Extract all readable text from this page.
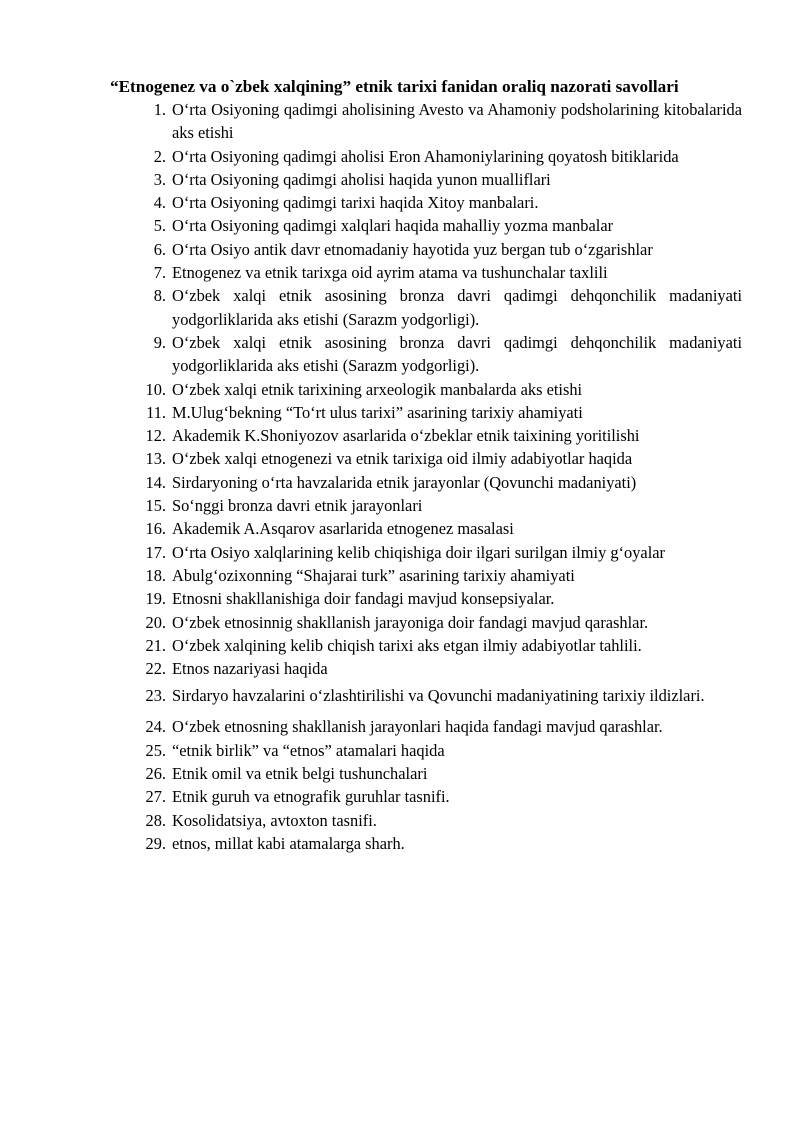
“Etnogenez va o`zbek xalqining” etnik tarixi fanidan oraliq nazorati savollari
1. O‘rta Osiyoning qadimgi aholisining Avesto va Ahamoniy podsholarining kitobalarida aks etishi
2. O‘rta Osiyoning qadimgi aholisi Eron Ahamoniylarining qoyatosh bitiklarida
3. O‘rta Osiyoning qadimgi aholisi haqida yunon mualliflari
4. O‘rta Osiyoning qadimgi tarixi haqida Xitoy manbalari.
5. O‘rta Osiyoning qadimgi xalqlari haqida mahalliy yozma manbalar
6. O‘rta Osiyo antik davr etnomadaniy hayotida yuz bergan tub o‘zgarishlar
7. Etnogenez va etnik tarixga oid ayrim atama va tushunchalar taxlili
8. O‘zbek xalqi etnik asosining bronza davri qadimgi dehqonchilik madaniyati yodgorliklarida aks etishi (Sarazm yodgorligi).
9. O‘zbek xalqi etnik asosining bronza davri qadimgi dehqonchilik madaniyati yodgorliklarida aks etishi (Sarazm yodgorligi).
10. O‘zbek xalqi etnik tarixining arxeologik manbalarda aks etishi
11. M.Ulug‘bekning “To‘rt ulus tarixi” asarining tarixiy ahamiyati
12. Akademik K.Shoniyozov asarlarida o‘zbeklar etnik taixining yoritilishi
13. O‘zbek xalqi etnogenezi va etnik tarixiga oid ilmiy adabiyotlar haqida
14. Sirdaryoning o‘rta havzalarida etnik jarayonlar (Qovunchi madaniyati)
15. So‘nggi bronza davri etnik jarayonlari
16. Akademik A.Asqarov asarlarida etnogenez masalasi
17. O‘rta Osiyo xalqlarining kelib chiqishiga doir ilgari surilgan ilmiy g‘oyalar
18. Abulg‘ozixonning “Shajarai turk” asarining tarixiy ahamiyati
19. Etnosni shakllanishiga doir fandagi mavjud konsepsiyalar.
20. O‘zbek etnosinnig shakllanish jarayoniga doir fandagi mavjud qarashlar.
21. O‘zbek xalqining kelib chiqish tarixi aks etgan ilmiy adabiyotlar tahlili.
22. Etnos nazariyasi haqida
23. Sirdaryo havzalarini o‘zlashtirilishi va Qovunchi madaniyatining tarixiy ildizlari.
24. O‘zbek etnosning shakllanish jarayonlari haqida fandagi mavjud qarashlar.
25. “etnik birlik” va “etnos” atamalari haqida
26. Etnik omil va etnik belgi tushunchalari
27. Etnik guruh va etnografik guruhlar tasnifi.
28. Kosolidatsiya, avtoxton tasnifi.
29. etnos, millat kabi atamalarga sharh.
